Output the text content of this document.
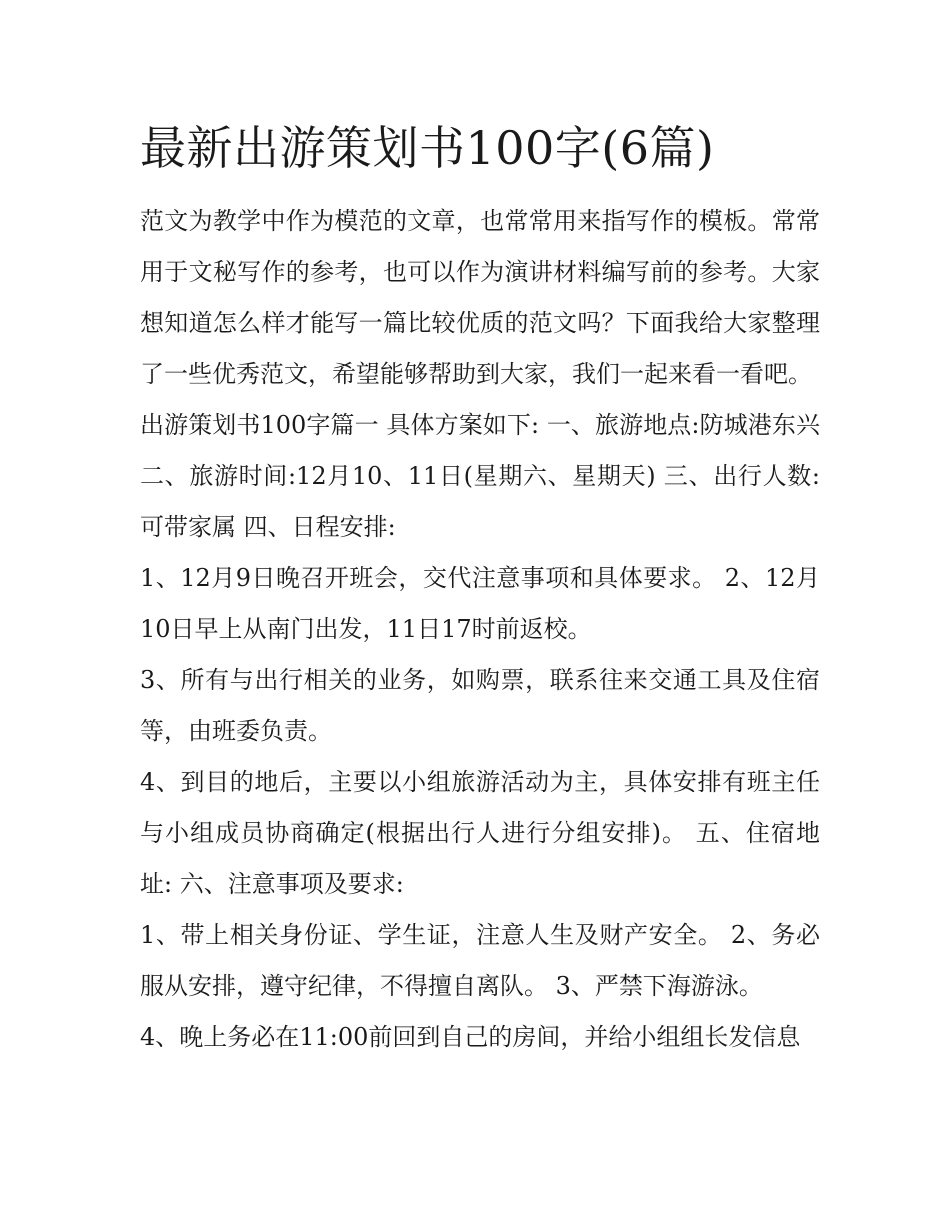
最新出游策划书100字(6篇)

范文为教学中作为模范的文章，也常常用来指写作的模板。常常用于文秘写作的参考，也可以作为演讲材料编写前的参考。大家想知道怎么样才能写一篇比较优质的范文吗？下面我给大家整理了一些优秀范文，希望能够帮助到大家，我们一起来看一看吧。

出游策划书100字篇一 具体方案如下: 一、旅游地点:防城港东兴 二、旅游时间:12月10、11日(星期六、星期天) 三、出行人数:可带家属 四、日程安排:

1、12月9日晚召开班会，交代注意事项和具体要求。 2、12月10日早上从南门出发，11日17时前返校。

3、所有与出行相关的业务，如购票，联系往来交通工具及住宿等，由班委负责。

4、到目的地后，主要以小组旅游活动为主，具体安排有班主任与小组成员协商确定(根据出行人进行分组安排)。 五、住宿地址: 六、注意事项及要求:

1、带上相关身份证、学生证，注意人生及财产安全。 2、务必服从安排，遵守纪律，不得擅自离队。 3、严禁下海游泳。

4、晚上务必在11:00前回到自己的房间，并给小组组长发信息
